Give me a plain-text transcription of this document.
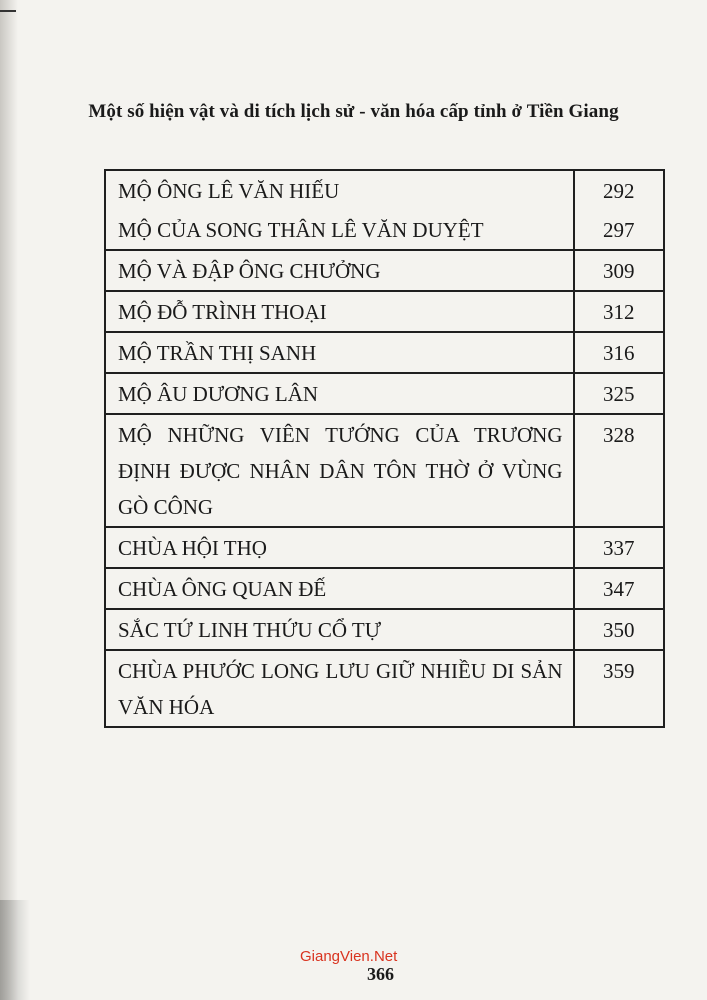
Một số hiện vật và di tích lịch sử - văn hóa cấp tỉnh ở Tiền Giang
MỘ ÔNG LÊ VĂN HIẾU	292
MỘ CỦA SONG THÂN LÊ VĂN DUYỆT	297
MỘ VÀ ĐẬP ÔNG CHƯỞNG	309
MỘ ĐỖ TRÌNH THOẠI	312
MỘ TRẦN THỊ SANH	316
MỘ ÂU DƯƠNG LÂN	325
MỘ NHỮNG VIÊN TƯỚNG CỦA TRƯƠNG ĐỊNH ĐƯỢC NHÂN DÂN TÔN THỜ Ở VÙNG GÒ CÔNG	328
CHÙA HỘI THỌ	337
CHÙA ÔNG QUAN ĐẾ	347
SẮC TỨ LINH THỨU CỔ TỰ	350
CHÙA PHƯỚC LONG LƯU GIỮ NHIỀU DI SẢN VĂN HÓA	359
GiangVien.Net
366
